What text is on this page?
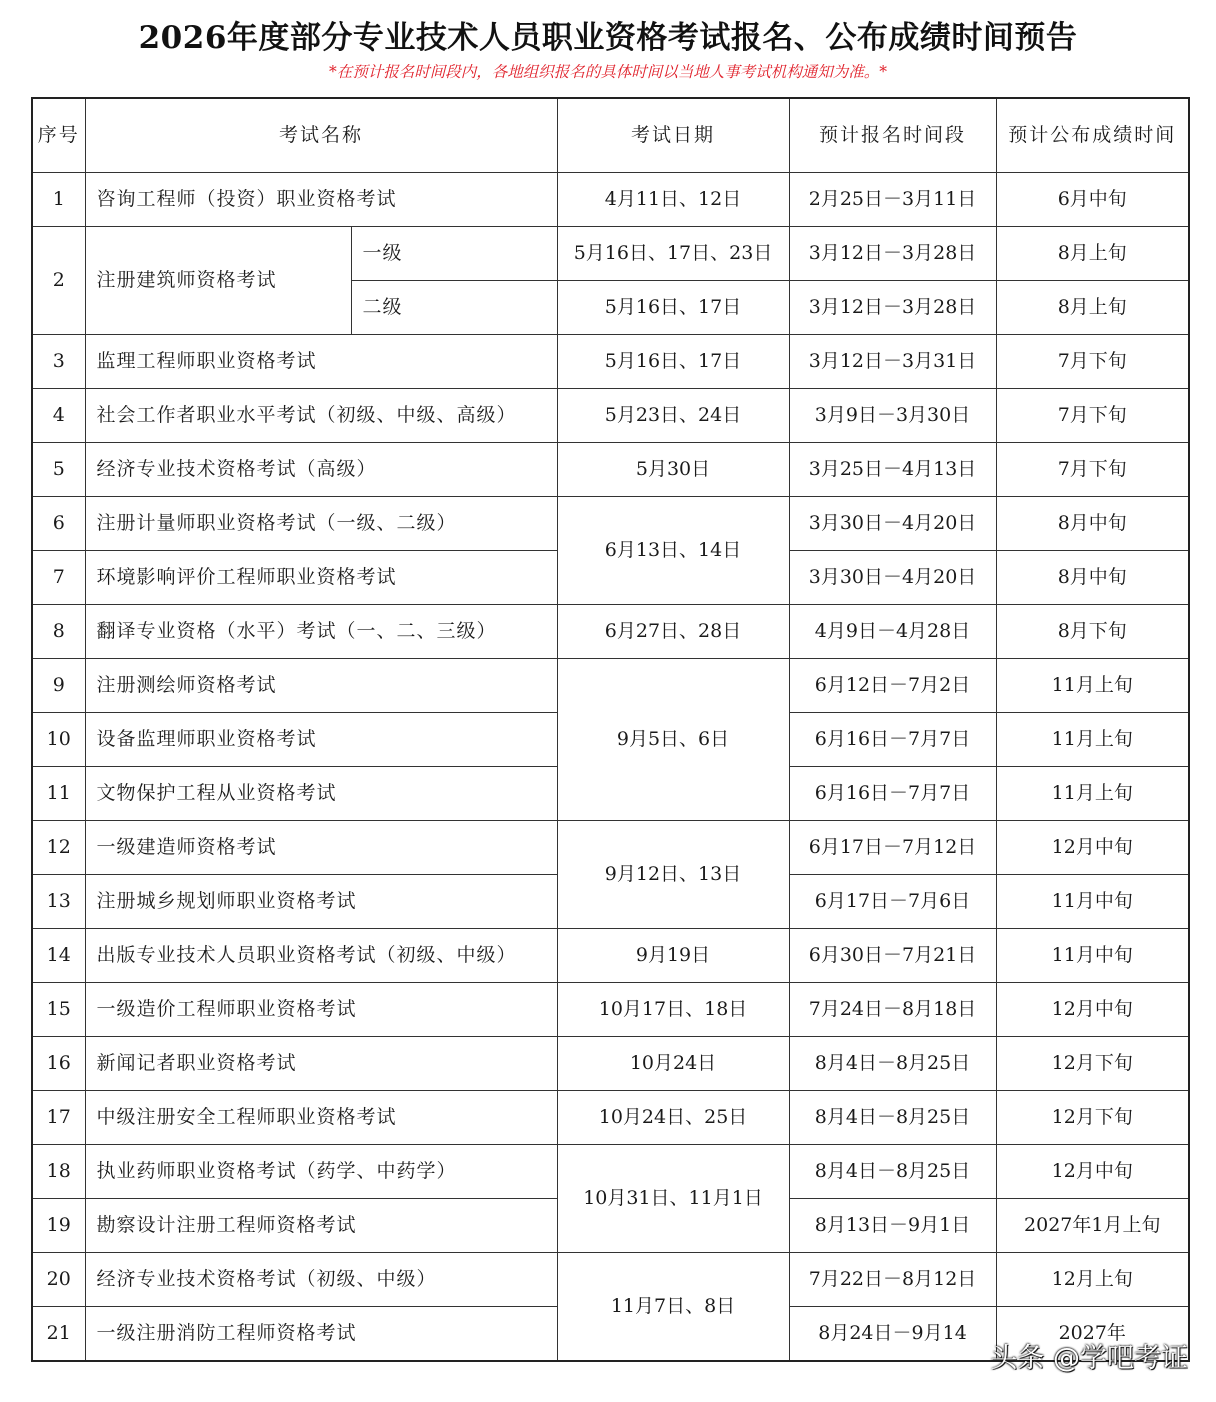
2026年度部分专业技术人员职业资格考试报名、公布成绩时间预告
*在预计报名时间段内，各地组织报名的具体时间以当地人事考试机构通知为准。*
序号	考试名称		考试日期	预计报名时间段	预计公布成绩时间
1	咨询工程师（投资）职业资格考试		4月11日、12日	2月25日－3月11日	6月中旬
2	注册建筑师资格考试	一级	5月16日、17日、23日	3月12日－3月28日	8月上旬
		二级	5月16日、17日	3月12日－3月28日	8月上旬
3	监理工程师职业资格考试		5月16日、17日	3月12日－3月31日	7月下旬
4	社会工作者职业水平考试（初级、中级、高级）		5月23日、24日	3月9日－3月30日	7月下旬
5	经济专业技术资格考试（高级）		5月30日	3月25日－4月13日	7月下旬
6	注册计量师职业资格考试（一级、二级）		6月13日、14日	3月30日－4月20日	8月中旬
7	环境影响评价工程师职业资格考试			3月30日－4月20日	8月中旬
8	翻译专业资格（水平）考试（一、二、三级）		6月27日、28日	4月9日－4月28日	8月下旬
9	注册测绘师资格考试		9月5日、6日	6月12日－7月2日	11月上旬
10	设备监理师职业资格考试			6月16日－7月7日	11月上旬
11	文物保护工程从业资格考试			6月16日－7月7日	11月上旬
12	一级建造师资格考试		9月12日、13日	6月17日－7月12日	12月中旬
13	注册城乡规划师职业资格考试			6月17日－7月6日	11月中旬
14	出版专业技术人员职业资格考试（初级、中级）		9月19日	6月30日－7月21日	11月中旬
15	一级造价工程师职业资格考试		10月17日、18日	7月24日－8月18日	12月中旬
16	新闻记者职业资格考试		10月24日	8月4日－8月25日	12月下旬
17	中级注册安全工程师职业资格考试		10月24日、25日	8月4日－8月25日	12月下旬
18	执业药师职业资格考试（药学、中药学）		10月31日、11月1日	8月4日－8月25日	12月中旬
19	勘察设计注册工程师资格考试			8月13日－9月1日	2027年1月上旬
20	经济专业技术资格考试（初级、中级）		11月7日、8日	7月22日－8月12日	12月上旬
21	一级注册消防工程师资格考试			8月24日－9月14	2027年
头条 @学吧考证
